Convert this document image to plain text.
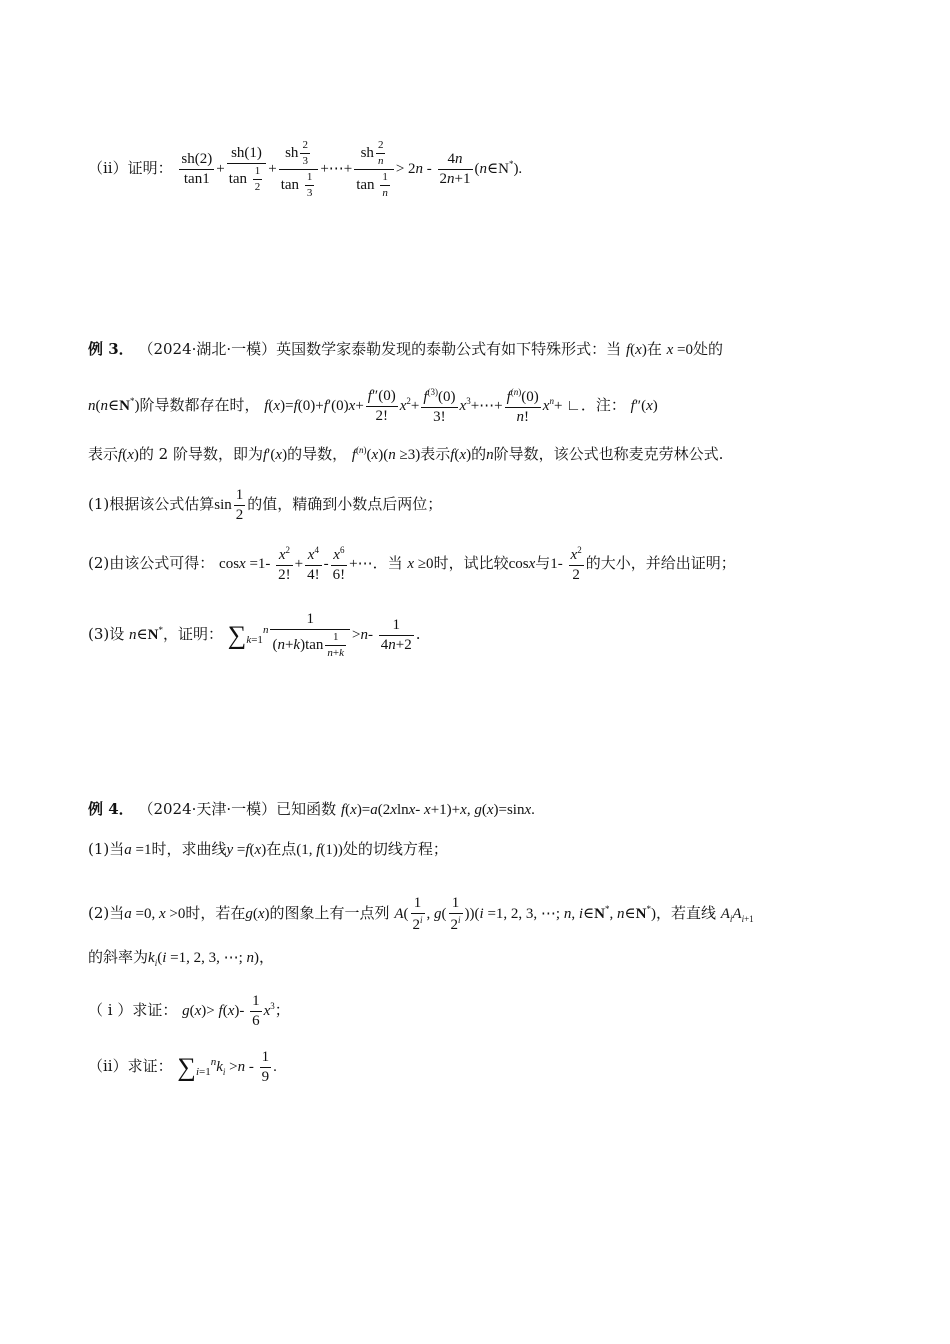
（ii）证明： $\frac{sh(2)}{\tan 1} + \frac{sh(1)}{\tan \frac{1}{2}} + \frac{sh \frac{2}{3}}{\tan \frac{1}{3}}$ +⋯+ $\frac{sh \frac{2}{n}}{\tan \frac{1}{n}} > 2n - \frac{4n}{2n+1}$ (n∈N*).
例 3． （2024·湖北·一模）英国数学家泰勒发现的泰勒公式有如下特殊形式：当 f(x)在 x =0处的
n(n∈N*)阶导数都存在时， $f(x)=f(0)+f'(0)x+ \frac{f''(0)}{2!} x^2+ \frac{f^{(3)}(0)}{3!}$ $x^3+\cdots+ \frac{f^{(n)}(0)}{n!} x^n+$ ∟．注： f″(x)
表示f(x)的 2 阶导数，即为f′(x)的导数， $f^{(n)}(x)(n \ge 3)$表示f(x)的n阶导数，该公式也称麦克劳林公式.
(1)根据该公式估算$\sin \frac{1}{2}$ 的值，精确到小数点后两位；
(2)由该公式可得： $\cos x =1- \frac{x^2}{2!} + \frac{x^4}{4!} - \frac{x^6}{6!}$ +⋯．当 x ≥0时，试比较cosx与$1- \frac{x^2}{2}$ 的大小，并给出证明；
(3)设 n∈N*，证明： $\sum_{k=1}^n \frac{1}{(n+k)\tan \frac{1}{n+k}} >n- \frac{1}{4n+2}$ .
例 4． （2024·天津·一模）已知函数 f(x)=a(2xlnx- x+1)+x, g(x)=sinx.
(1)当a =1时，求曲线y =f(x)在点(1, f(1))处的切线方程；
(2)当a =0, x >0时，若在g(x)的图象上有一点列 $A( \frac{1}{2^i}$ , $g( \frac{1}{2^i} ))(i =1$, 2, 3, ⋯; n, i∈N*, n∈N*)，若直线 $A_iA_{i+1}$
的斜率为$k_i(i =1$, 2, 3, ⋯; n)，
（ i ）求证： $g(x)> f(x)- \frac{1}{6} x^3$；
（ii）求证： $\sum_{i=1}^nk_i >n - \frac{1}{9}$ .
